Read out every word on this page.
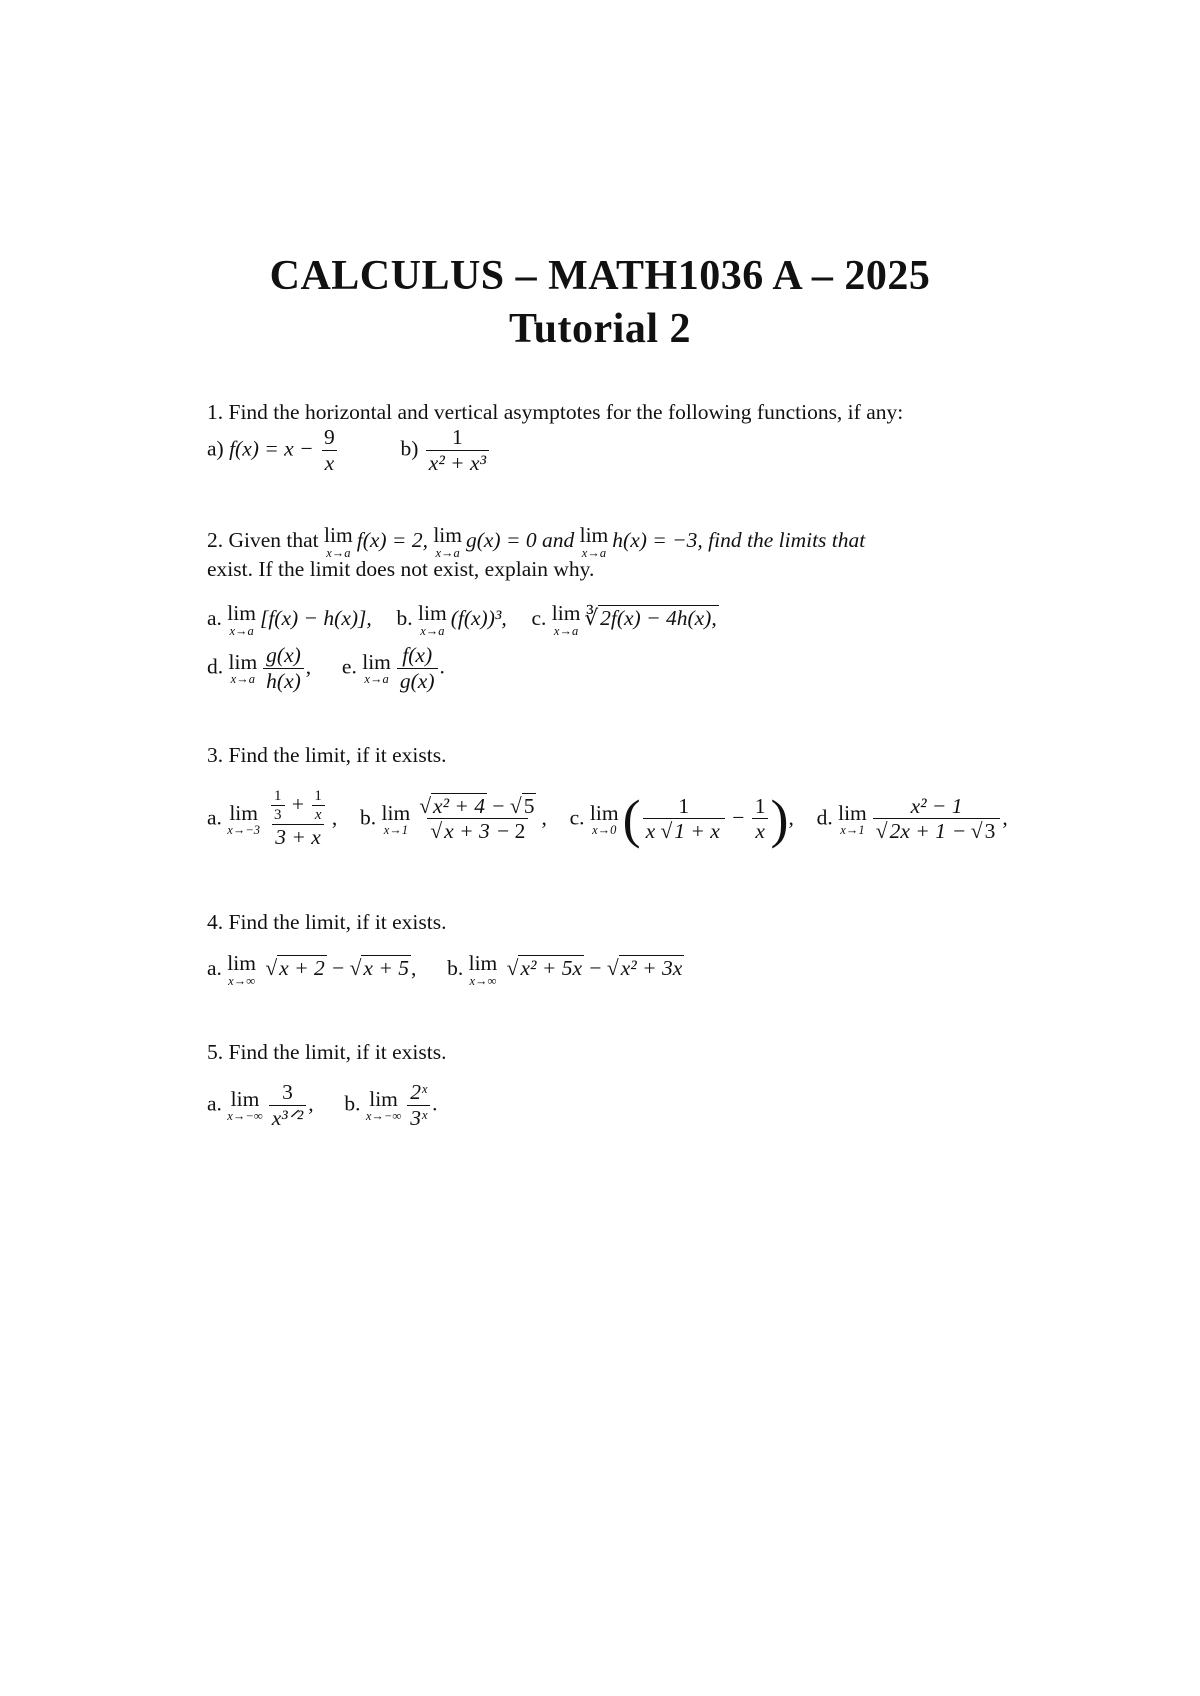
CALCULUS – MATH1036 A – 2025
Tutorial 2
1. Find the horizontal and vertical asymptotes for the following functions, if any:
a) $f(x) = x - \frac{9}{x}$	$b) \frac{1}{\text{x² + x³}}$
2. Given that lim
x→a
f(x) = 2, lim
x→a
g(x) = 0 and lim
x→a
h(x) = −3, find the limits that
exist. If the limit does not exist, explain why.
a. lim
x→a
[f(x) − h(x)], b. lim
x→a
(f(x))³, c. lim
x→a
∛2f(x) − 4h(x),
d. lim
$x\to a \frac{g(x)}{h(x)}$ , e. lim
$x\to a \frac{f(x)}{g(x)}$ .
3. Find the limit, if it exists.
a. lim
$x\to-3 \frac{\frac{1}{3} + \frac{1}{x}}{3 + x}$ ,  b. lim
$x\to 1 \frac{\text{√x² + 4 − √5}}{√x + 3 - 2}$ ,  c. lim
x→0 ( $\frac{1}{x √1 + x} - \frac{1}{x}$ ),  d. lim
$x\to 1 \frac{\text{x² − 1}}{√2x + 1 - √3}$ ,
4. Find the limit, if it exists.
a. lim
x→∞
√x + 2 − √x + 5, b. lim
x→∞
√x² + 5x − √x² + 3x
5. Find the limit, if it exists.
a. lim
$x\to-\infty \frac{3}{\text{x³ᐟ²}}$ , b. lim
$x\to-\infty \frac{\text{2ˣ}}{\text{3ˣ}}$ .
